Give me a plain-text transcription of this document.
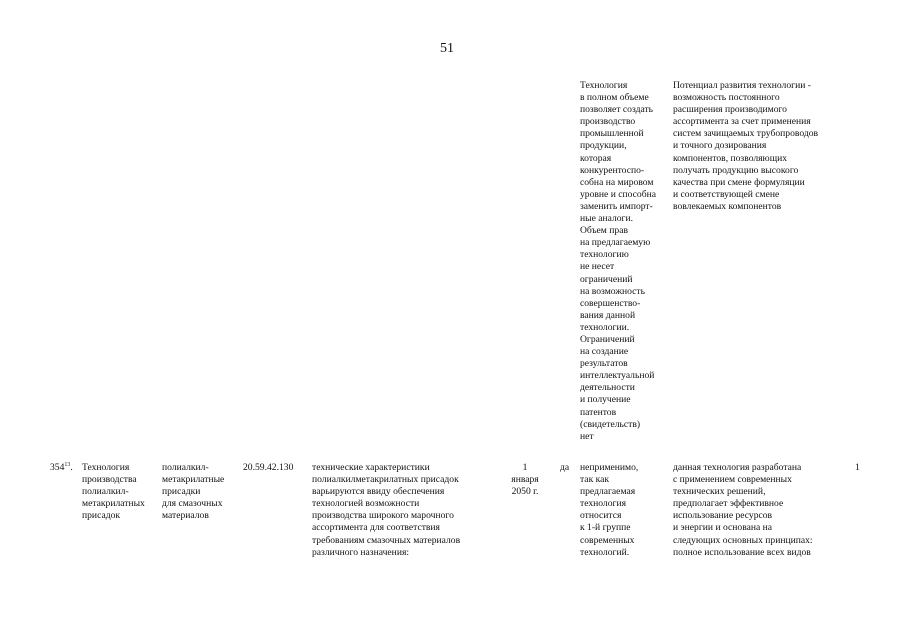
51
Технология
в полном объеме
позволяет создать
производство
промышленной
продукции,
которая
конкурентоспо-
собна на мировом
уровне и способна
заменить импорт-
ные аналоги.
Объем прав
на предлагаемую
технологию
не несет
ограничений
на возможность
совершенство-
вания данной
технологии.
Ограничений
на создание
результатов
интеллектуальной
деятельности
и получение
патентов
(свидетельств)
нет
Потенциал развития технологии -
возможность постоянного
расширения производимого
ассортимента за счет применения
систем зачищаемых трубопроводов
и точного дозирования
компонентов, позволяющих
получать продукцию высокого
качества при смене формуляции
и соответствующей смене
вовлекаемых компонентов
$354^{13}$. Технология
производства
полиалкил-
метакрилатных
присадок
полиалкил-
метакрилатные
присадки
для смазочных
материалов
20.59.42.130 технические характеристики
полиалкилметакрилатных присадок
варьируются ввиду обеспечения
технологией возможности
производства широкого марочного
ассортимента для соответствия
требованиям смазочных материалов
различного назначения:
1
января
2050 г.
да неприменимо,
так как
предлагаемая
технология
относится
к 1-й группе
современных
технологий.
данная технология разработана
с применением современных
технических решений,
предполагает эффективное
использование ресурсов
и энергии и основана на
следующих основных принципах:
полное использование всех видов
1
